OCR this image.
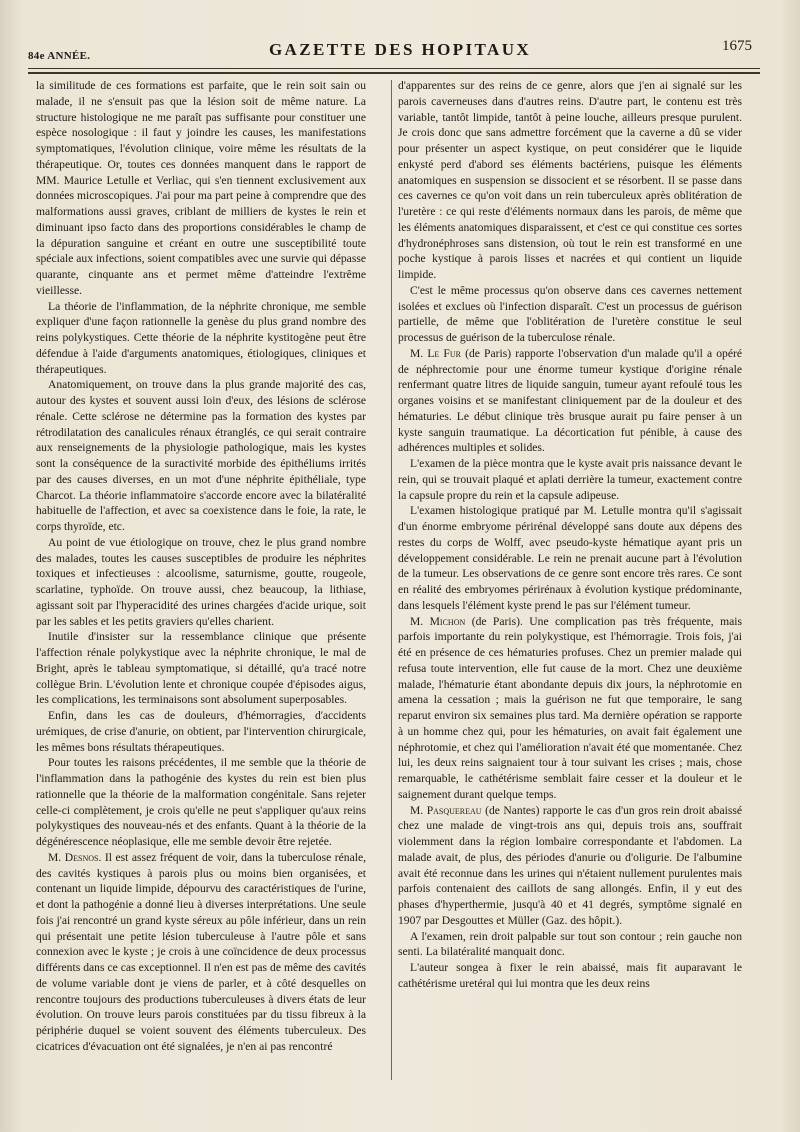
84e ANNÉE.	GAZETTE DES HOPITAUX	1675

la similitude de ces formations est parfaite, que le rein soit sain ou malade, il ne s'ensuit pas que la lésion soit de même nature. La structure histologique ne me paraît pas suffisante pour constituer une espèce nosologique : il faut y joindre les causes, les manifestations symptomatiques, l'évolution clinique, voire même les résultats de la thérapeutique. Or, toutes ces données manquent dans le rapport de MM. Maurice Letulle et Verliac, qui s'en tiennent exclusivement aux données microscopiques. J'ai pour ma part peine à comprendre que des malformations aussi graves, criblant de milliers de kystes le rein et diminuant ipso facto dans des proportions considérables le champ de la dépuration sanguine et créant en outre une susceptibilité toute spéciale aux infections, soient compatibles avec une survie qui dépasse quarante, cinquante ans et permet même d'atteindre l'extrême vieillesse.

La théorie de l'inflammation, de la néphrite chronique, me semble expliquer d'une façon rationnelle la genèse du plus grand nombre des reins polykystiques. Cette théorie de la néphrite kystitogène peut être défendue à l'aide d'arguments anatomiques, étiologiques, cliniques et thérapeutiques.

Anatomiquement, on trouve dans la plus grande majorité des cas, autour des kystes et souvent aussi loin d'eux, des lésions de sclérose rénale. Cette sclérose ne détermine pas la formation des kystes par rétrodilatation des canalicules rénaux étranglés, ce qui serait contraire aux renseignements de la physiologie pathologique, mais les kystes sont la conséquence de la suractivité morbide des épithéliums irrités par des causes diverses, en un mot d'une néphrite épithéliale, type Charcot. La théorie inflammatoire s'accorde encore avec la bilatéralité habituelle de l'affection, et avec sa coexistence dans le foie, la rate, le corps thyroïde, etc.

Au point de vue étiologique on trouve, chez le plus grand nombre des malades, toutes les causes susceptibles de produire les néphrites toxiques et infectieuses : alcoolisme, saturnisme, goutte, rougeole, scarlatine, typhoïde. On trouve aussi, chez beaucoup, la lithiase, agissant soit par l'hyperacidité des urines chargées d'acide urique, soit par les sables et les petits graviers qu'elles charient.

Inutile d'insister sur la ressemblance clinique que présente l'affection rénale polykystique avec la néphrite chronique, le mal de Bright, après le tableau symptomatique, si détaillé, qu'a tracé notre collègue Brin. L'évolution lente et chronique coupée d'épisodes aigus, les complications, les terminaisons sont absolument superposables.

Enfin, dans les cas de douleurs, d'hémorragies, d'accidents urémiques, de crise d'anurie, on obtient, par l'intervention chirurgicale, les mêmes bons résultats thérapeutiques.

Pour toutes les raisons précédentes, il me semble que la théorie de l'inflammation dans la pathogénie des kystes du rein est bien plus rationnelle que la théorie de la malformation congénitale. Sans rejeter celle-ci complètement, je crois qu'elle ne peut s'appliquer qu'aux reins polykystiques des nouveau-nés et des enfants. Quant à la théorie de la dégénérescence néoplasique, elle me semble devoir être rejetée.

M. Desnos. Il est assez fréquent de voir, dans la tuberculose rénale, des cavités kystiques à parois plus ou moins bien organisées, et contenant un liquide limpide, dépourvu des caractéristiques de l'urine, et dont la pathogénie a donné lieu à diverses interprétations. Une seule fois j'ai rencontré un grand kyste séreux au pôle inférieur, dans un rein qui présentait une petite lésion tuberculeuse à l'autre pôle et sans connexion avec le kyste ; je crois à une coïncidence de deux processus différents dans ce cas exceptionnel. Il n'en est pas de même des cavités de volume variable dont je viens de parler, et à côté desquelles on rencontre toujours des productions tuberculeuses à divers états de leur évolution. On trouve leurs parois constituées par du tissu fibreux à la périphérie duquel se voient souvent des éléments tuberculeux. Des cicatrices d'évacuation ont été signalées, je n'en ai pas rencontré

d'apparentes sur des reins de ce genre, alors que j'en ai signalé sur les parois caverneuses dans d'autres reins. D'autre part, le contenu est très variable, tantôt limpide, tantôt à peine louche, ailleurs presque purulent. Je crois donc que sans admettre forcément que la caverne a dû se vider pour présenter un aspect kystique, on peut considérer que le liquide enkysté perd d'abord ses éléments bactériens, puisque les éléments anatomiques en suspension se dissocient et se résorbent. Il se passe dans ces cavernes ce qu'on voit dans un rein tuberculeux après oblitération de l'uretère : ce qui reste d'éléments normaux dans les parois, de même que les éléments anatomiques disparaissent, et c'est ce qui constitue ces sortes d'hydronéphroses sans distension, où tout le rein est transformé en une poche kystique à parois lisses et nacrées et qui contient un liquide limpide.

C'est le même processus qu'on observe dans ces cavernes nettement isolées et exclues où l'infection disparaît. C'est un processus de guérison partielle, de même que l'oblitération de l'uretère constitue le seul processus de guérison de la tuberculose rénale.

M. Le Fur (de Paris) rapporte l'observation d'un malade qu'il a opéré de néphrectomie pour une énorme tumeur kystique d'origine rénale renfermant quatre litres de liquide sanguin, tumeur ayant refoulé tous les organes voisins et se manifestant cliniquement par de la douleur et des hématuries. Le début clinique très brusque aurait pu faire penser à un kyste sanguin traumatique. La décortication fut pénible, à cause des adhérences multiples et solides.

L'examen de la pièce montra que le kyste avait pris naissance devant le rein, qui se trouvait plaqué et aplati derrière la tumeur, exactement contre la capsule propre du rein et la capsule adipeuse.

L'examen histologique pratiqué par M. Letulle montra qu'il s'agissait d'un énorme embryome périrénal développé sans doute aux dépens des restes du corps de Wolff, avec pseudo-kyste hématique ayant pris un développement considérable. Le rein ne prenait aucune part à l'évolution de la tumeur. Les observations de ce genre sont encore très rares. Ce sont en réalité des embryomes périrénaux à évolution kystique prédominante, dans lesquels l'élément kyste prend le pas sur l'élément tumeur.

M. Michon (de Paris). Une complication pas très fréquente, mais parfois importante du rein polykystique, est l'hémorragie. Trois fois, j'ai été en présence de ces hématuries profuses. Chez un premier malade qui refusa toute intervention, elle fut cause de la mort. Chez une deuxième malade, l'hématurie étant abondante depuis dix jours, la néphrotomie en amena la cessation ; mais la guérison ne fut que temporaire, le sang reparut environ six semaines plus tard. Ma dernière opération se rapporte à un homme chez qui, pour les hématuries, on avait fait également une néphrotomie, et chez qui l'amélioration n'avait été que momentanée. Chez lui, les deux reins saignaient tour à tour suivant les crises ; mais, chose remarquable, le cathétérisme semblait faire cesser et la douleur et le saignement durant quelque temps.

M. Pasquereau (de Nantes) rapporte le cas d'un gros rein droit abaissé chez une malade de vingt-trois ans qui, depuis trois ans, souffrait violemment dans la région lombaire correspondante et l'abdomen. La malade avait, de plus, des périodes d'anurie ou d'oligurie. De l'albumine avait été reconnue dans les urines qui n'étaient nullement purulentes mais parfois contenaient des caillots de sang allongés. Enfin, il y eut des phases d'hyperthermie, jusqu'à 40 et 41 degrés, symptôme signalé en 1907 par Desgouttes et Müller (Gaz. des hôpit.).

A l'examen, rein droit palpable sur tout son contour ; rein gauche non senti. La bilatéralité manquait donc.

L'auteur songea à fixer le rein abaissé, mais fit auparavant le cathétérisme uretéral qui lui montra que les deux reins
